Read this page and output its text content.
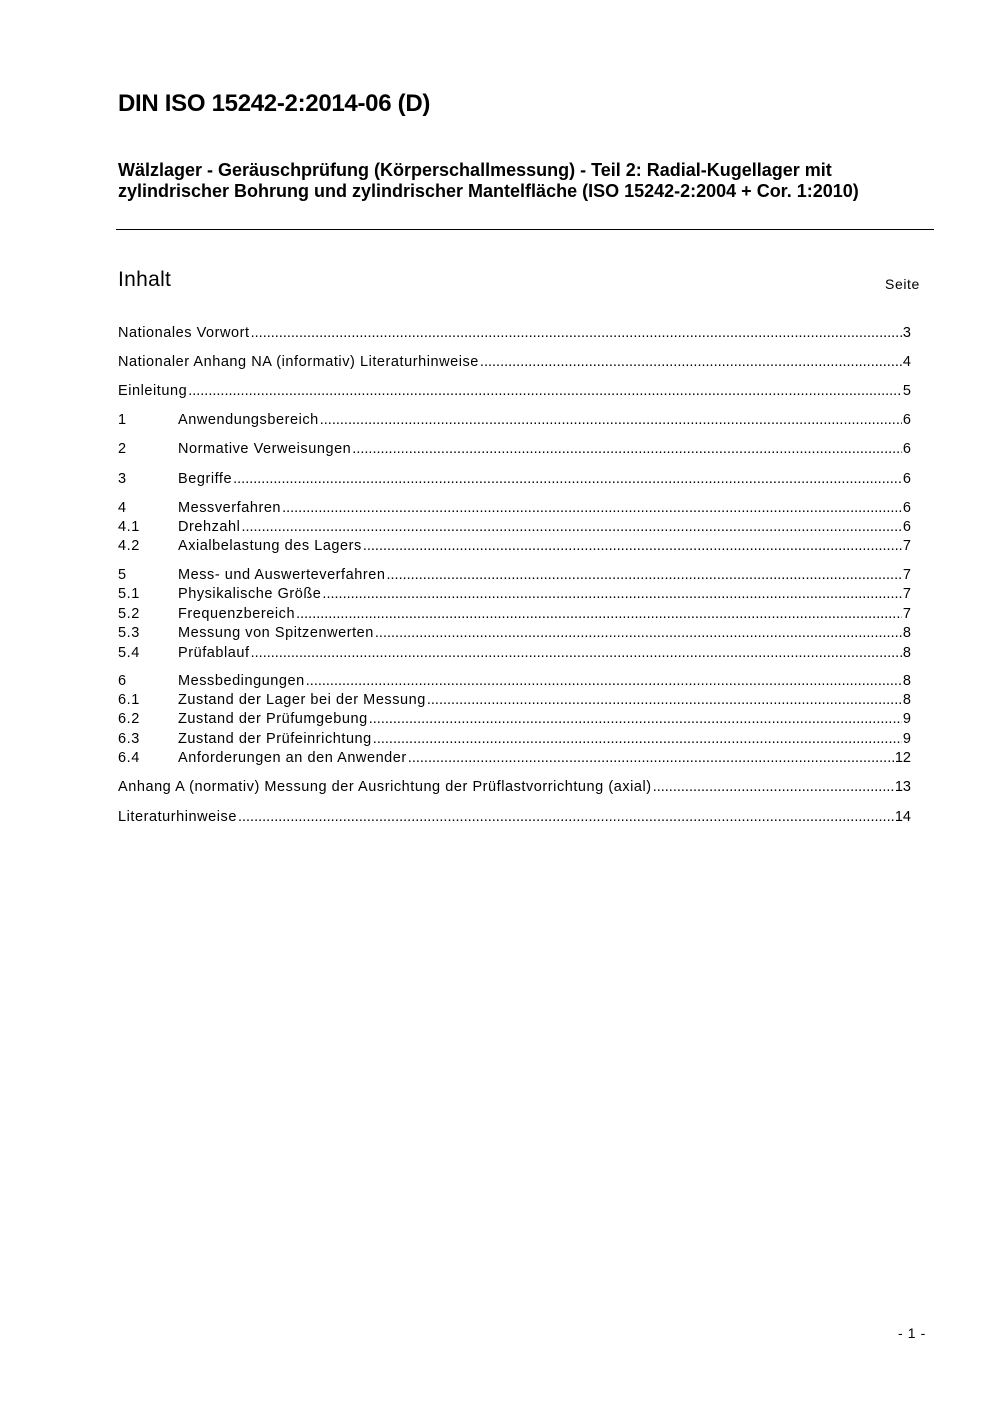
DIN ISO 15242-2:2014-06 (D)
Wälzlager - Geräuschprüfung (Körperschallmessung) - Teil 2: Radial-Kugellager mit zylindrischer Bohrung und zylindrischer Mantelfläche (ISO 15242-2:2004 + Cor. 1:2010)
Inhalt	Seite
Nationales Vorwort .....	3
Nationaler Anhang NA (informativ) Literaturhinweise .....	4
Einleitung .....	5
1	Anwendungsbereich .....	6
2	Normative Verweisungen .....	6
3	Begriffe .....	6
4	Messverfahren .....	6
4.1	Drehzahl .....	6
4.2	Axialbelastung des Lagers .....	7
5	Mess- und Auswerteverfahren .....	7
5.1	Physikalische Größe .....	7
5.2	Frequenzbereich .....	7
5.3	Messung von Spitzenwerten .....	8
5.4	Prüfablauf .....	8
6	Messbedingungen .....	8
6.1	Zustand der Lager bei der Messung .....	8
6.2	Zustand der Prüfumgebung .....	9
6.3	Zustand der Prüfeinrichtung .....	9
6.4	Anforderungen an den Anwender .....	12
Anhang A (normativ) Messung der Ausrichtung der Prüflastvorrichtung (axial) .....	13
Literaturhinweise .....	14
- 1 -
